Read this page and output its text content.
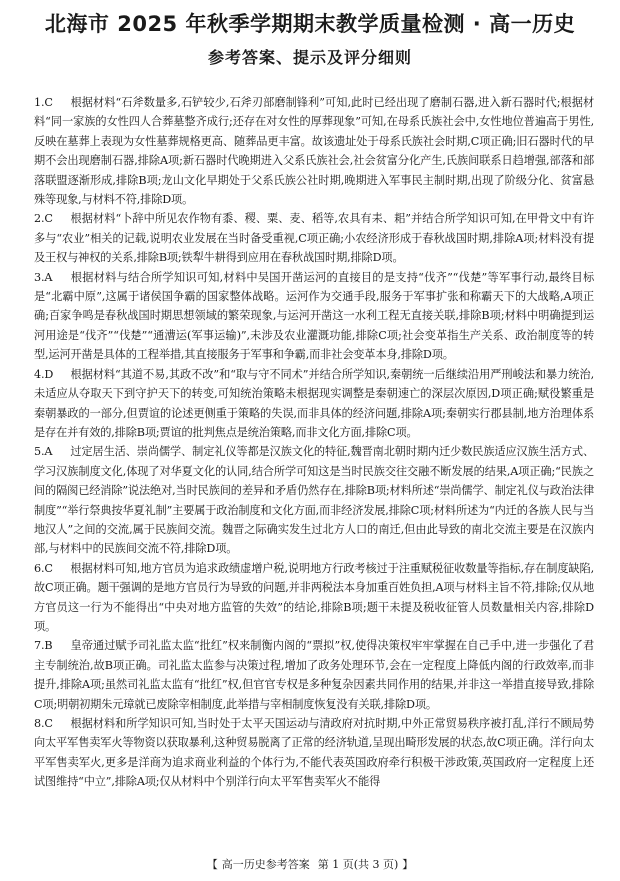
北海市 2025 年秋季学期期末教学质量检测 · 高一历史
参考答案、提示及评分细则

1.C 根据材料“石斧数量多,石铲较少,石斧刃部磨制锋利”可知,此时已经出现了磨制石器,进入新石器时代;根据材料“同一家族的女性四人合葬墓整齐成行;还存在对女性的厚葬现象”可知,在母系氏族社会中,女性地位普遍高于男性,反映在墓葬上表现为女性墓葬规格更高、随葬品更丰富。故该遗址处于母系氏族社会时期,C项正确;旧石器时代的早期不会出现磨制石器,排除A项;新石器时代晚期进入父系氏族社会,社会贫富分化产生,氏族间联系日趋增强,部落和部落联盟逐渐形成,排除B项;龙山文化早期处于父系氏族公社时期,晚期进入军事民主制时期,出现了阶级分化、贫富悬殊等现象,与材料不符,排除D项。

2.C 根据材料“卜辞中所见农作物有黍、稷、粟、麦、稻等,农具有耒、耜”并结合所学知识可知,在甲骨文中有许多与“农业”相关的记载,说明农业发展在当时备受重视,C项正确;小农经济形成于春秋战国时期,排除A项;材料没有提及王权与神权的关系,排除B项;铁犁牛耕得到应用在春秋战国时期,排除D项。

3.A 根据材料与结合所学知识可知,材料中吴国开凿运河的直接目的是支持“伐齐”“伐楚”等军事行动,最终目标是“北霸中原”,这属于诸侯国争霸的国家整体战略。运河作为交通手段,服务于军事扩张和称霸天下的大战略,A项正确;百家争鸣是春秋战国时期思想领域的繁荣现象,与运河开凿这一水利工程无直接关联,排除B项;材料中明确提到运河用途是“伐齐”“伐楚”“通漕运(军事运输)”,未涉及农业灌溉功能,排除C项;社会变革指生产关系、政治制度等的转型,运河开凿是具体的工程举措,其直接服务于军事和争霸,而非社会变革本身,排除D项。

4.D 根据材料“其道不易,其政不改”和“取与守不同术”并结合所学知识,秦朝统一后继续沿用严刑峻法和暴力统治,未适应从夺取天下到守护天下的转变,可知统治策略未根据现实调整是秦朝速亡的深层次原因,D项正确;赋役繁重是秦朝暴政的一部分,但贾谊的论述更侧重于策略的失误,而非具体的经济问题,排除A项;秦朝实行郡县制,地方治理体系是存在并有效的,排除B项;贾谊的批判焦点是统治策略,而非文化方面,排除C项。

5.A 过定居生活、崇尚儒学、制定礼仪等都是汉族文化的特征,魏晋南北朝时期内迁少数民族适应汉族生活方式、学习汉族制度文化,体现了对华夏文化的认同,结合所学可知这是当时民族交往交融不断发展的结果,A项正确;“民族之间的隔阂已经消除”说法绝对,当时民族间的差异和矛盾仍然存在,排除B项;材料所述“崇尚儒学、制定礼仪与政治法律制度”“举行祭典按华夏礼制”主要属于政治制度和文化方面,而非经济发展,排除C项;材料所述为“内迁的各族人民与当地汉人”之间的交流,属于民族间交流。魏晋之际确实发生过北方人口的南迁,但由此导致的南北交流主要是在汉族内部,与材料中的民族间交流不符,排除D项。

6.C 根据材料可知,地方官员为追求政绩虚增户税,说明地方行政考核过于注重赋税征收数量等指标,存在制度缺陷,故C项正确。题干强调的是地方官员行为导致的问题,并非两税法本身加重百姓负担,A项与材料主旨不符,排除;仅从地方官员这一行为不能得出“中央对地方监管的失效”的结论,排除B项;题干未提及税收征管人员数量相关内容,排除D项。

7.B 皇帝通过赋予司礼监太监“批红”权来制衡内阁的“票拟”权,使得决策权牢牢掌握在自己手中,进一步强化了君主专制统治,故B项正确。司礼监太监参与决策过程,增加了政务处理环节,会在一定程度上降低内阁的行政效率,而非提升,排除A项;虽然司礼监太监有“批红”权,但官官专权是多种复杂因素共同作用的结果,并非这一举措直接导致,排除C项;明朝初期朱元璋就已废除宰相制度,此举措与宰相制度恢复没有关联,排除D项。

8.C 根据材料和所学知识可知,当时处于太平天国运动与清政府对抗时期,中外正常贸易秩序被打乱,洋行不顾局势向太平军售卖军火等物资以获取暴利,这种贸易脱离了正常的经济轨道,呈现出畸形发展的状态,故C项正确。洋行向太平军售卖军火,更多是洋商为追求商业利益的个体行为,不能代表英国政府牵行积极干涉政策,英国政府一定程度上还试图维持“中立”,排除A项;仅从材料中个别洋行向太平军售卖军火不能得

【 高一历史参考答案 第 1 页(共 3 页) 】
